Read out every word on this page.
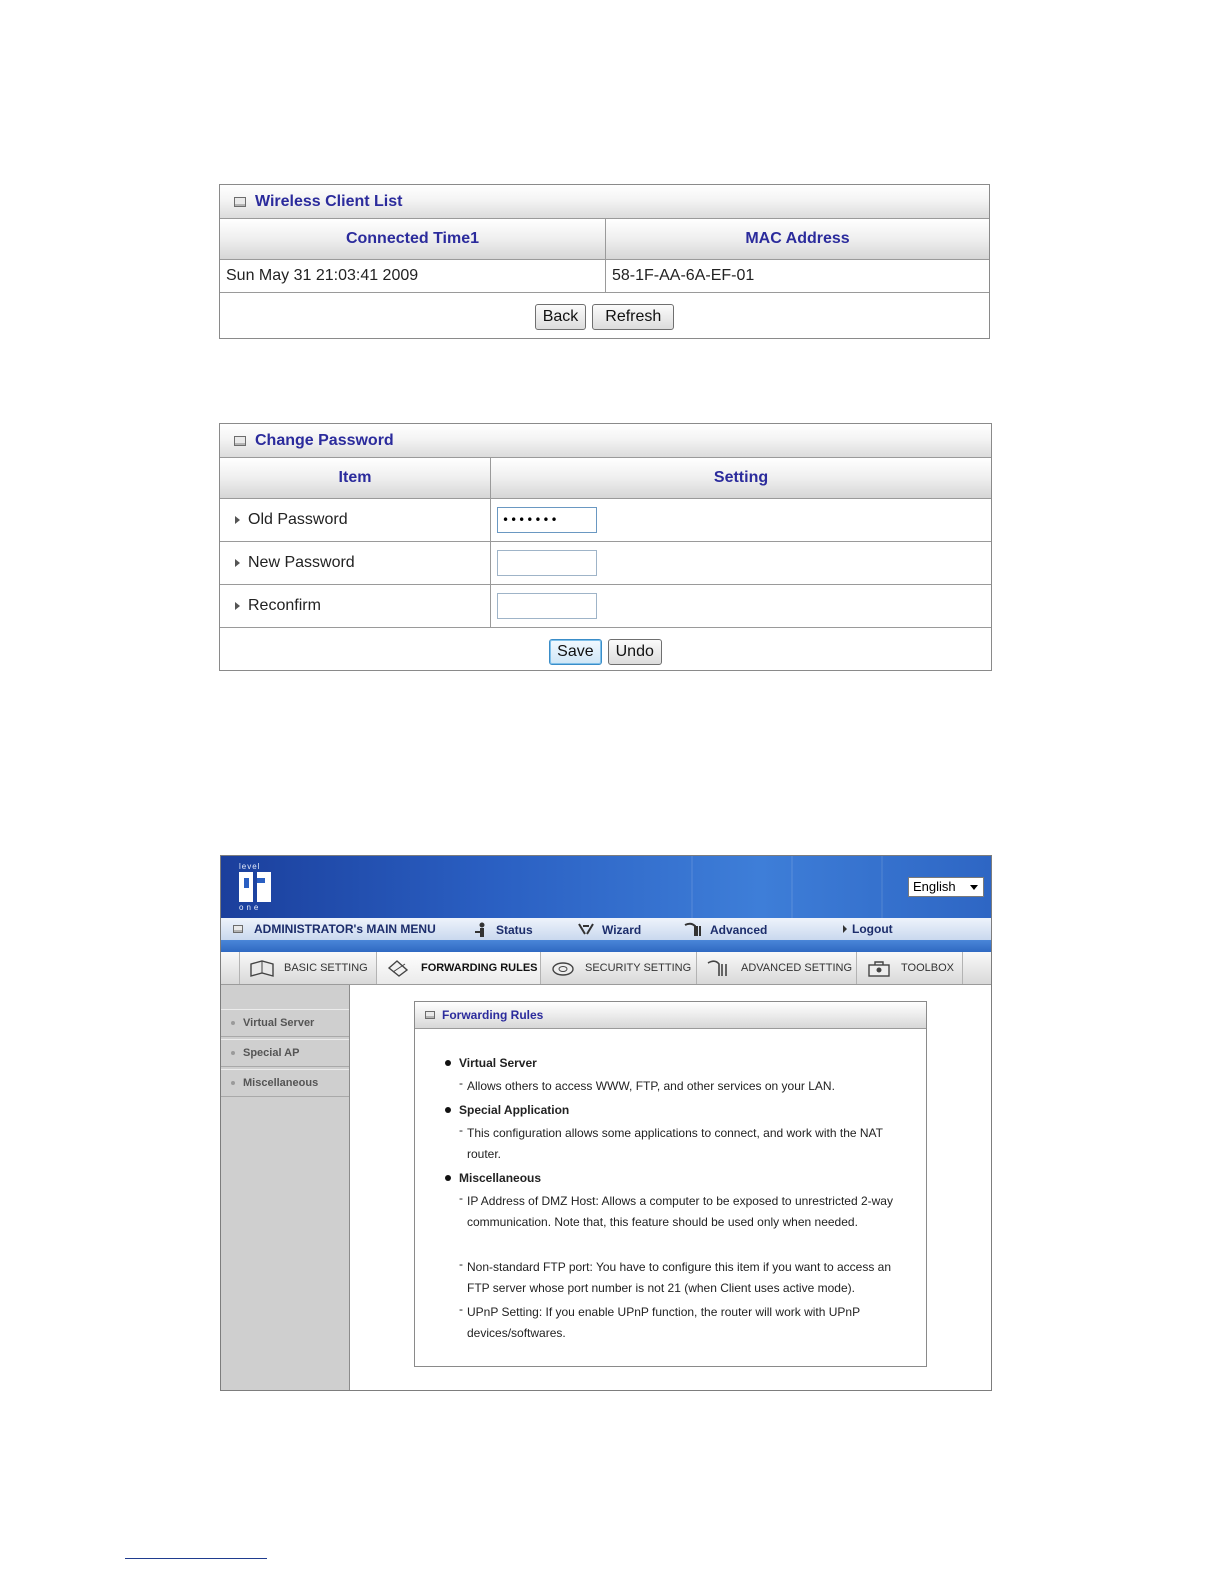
Wireless Client List
Connected Time1	MAC Address
Sun May 31 21:03:41 2009	58-1F-AA-6A-EF-01
Back	Refresh
Change Password
Item	Setting
Old Password	•••••••
New Password	
Reconfirm	
Save	Undo
level
one
English
ADMINISTRATOR's MAIN MENU	Status	Wizard	Advanced	Logout
BASIC SETTING	FORWARDING RULES	SECURITY SETTING	ADVANCED SETTING	TOOLBOX
Virtual Server
Special AP
Miscellaneous
Forwarding Rules
Virtual Server
- Allows others to access WWW, FTP, and other services on your LAN.
Special Application
- This configuration allows some applications to connect, and work with the NAT router.
Miscellaneous
- IP Address of DMZ Host: Allows a computer to be exposed to unrestricted 2-way communication. Note that, this feature should be used only when needed.
- Non-standard FTP port: You have to configure this item if you want to access an FTP server whose port number is not 21 (when Client uses active mode).
- UPnP Setting: If you enable UPnP function, the router will work with UPnP devices/softwares.
